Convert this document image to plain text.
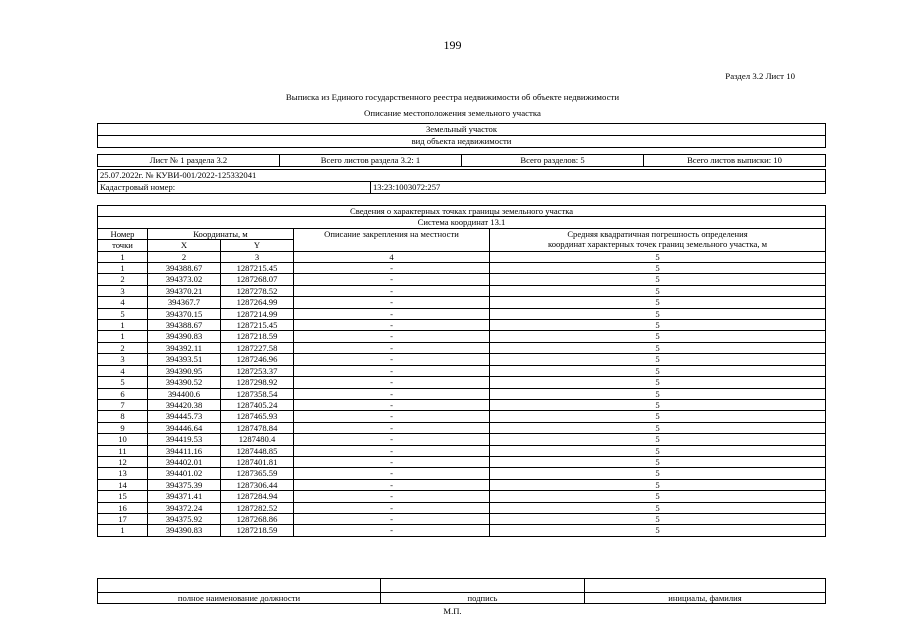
199
Раздел 3.2 Лист 10
Выписка из Единого государственного реестра недвижимости об объекте недвижимости
Описание местоположения земельного участка
Земельный участок
вид объекта недвижимости

Лист № 1 раздела 3.2	Всего листов раздела 3.2: 1	Всего разделов: 5	Всего листов выписки: 10
25.07.2022г. № КУВИ-001/2022-125332041
Кадастровый номер:	13:23:1003072:257
Сведения о характерных точках границы земельного участка				
Система координат 13.1				
Номер	Координаты, м		Описание закрепления на местности	Средняя квадратичная погрешность определения
координат характерных точек границ земельного участка, м

точки	X	Y		
1	2	3	4	5
1	394388.67	1287215.45	-	5
2	394373.02	1287268.07	-	5
3	394370.21	1287278.52	-	5
4	394367.7	1287264.99	-	5
5	394370.15	1287214.99	-	5
1	394388.67	1287215.45	-	5
1	394390.83	1287218.59	-	5
2	394392.11	1287227.58	-	5
3	394393.51	1287246.96	-	5
4	394390.95	1287253.37	-	5
5	394390.52	1287298.92	-	5
6	394400.6	1287358.54	-	5
7	394420.38	1287405.24	-	5
8	394445.73	1287465.93	-	5
9	394446.64	1287478.84	-	5
10	394419.53	1287480.4	-	5
11	394411.16	1287448.85	-	5
12	394402.01	1287401.81	-	5
13	394401.02	1287365.59	-	5
14	394375.39	1287306.44	-	5
15	394371.41	1287284.94	-	5
16	394372.24	1287282.52	-	5
17	394375.92	1287268.86	-	5
1	394390.83	1287218.59	-	5

полное наименование должности	подпись	инициалы, фамилия
М.П.
